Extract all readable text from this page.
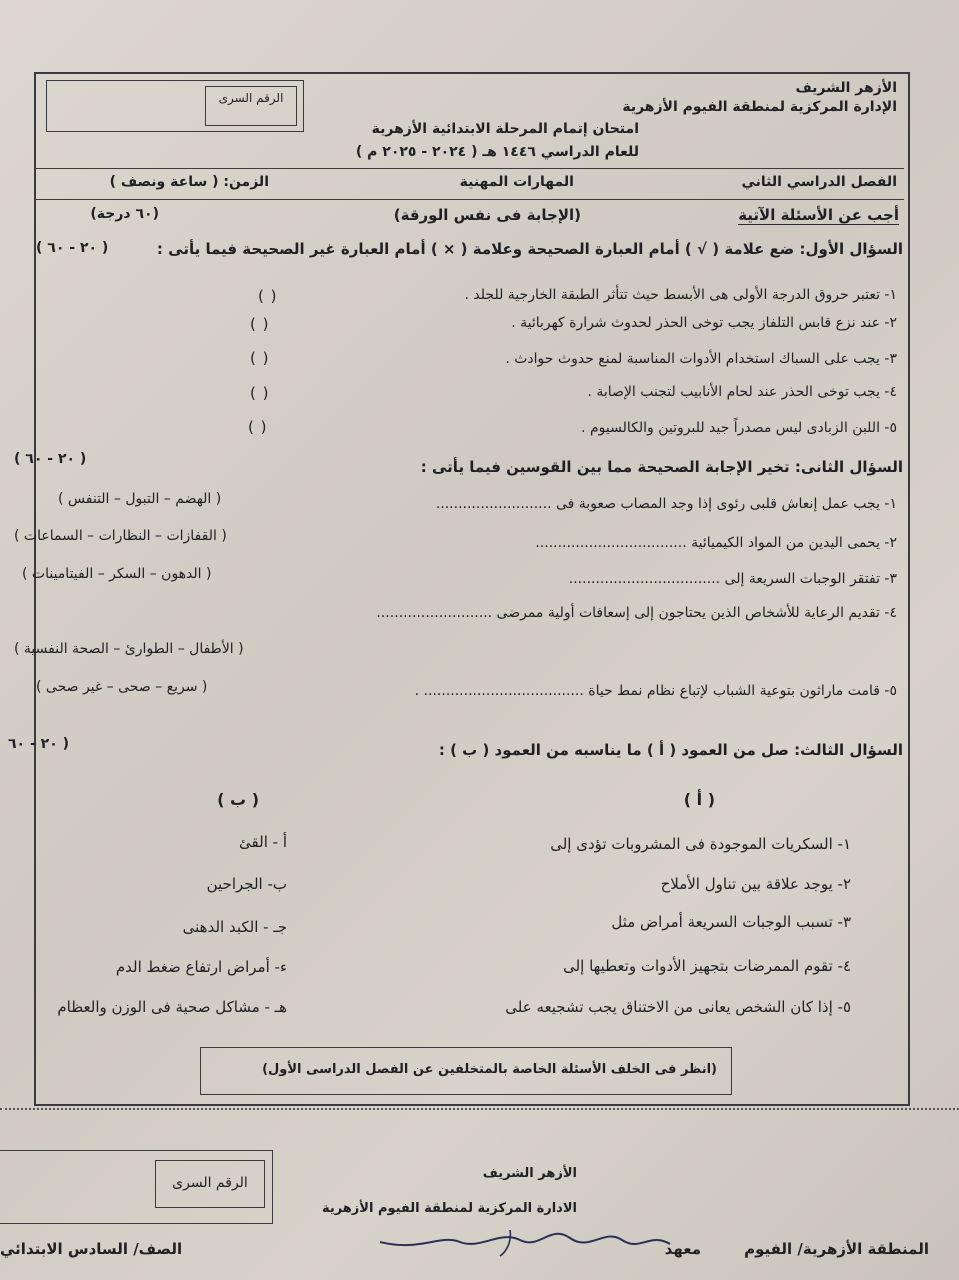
الأزهر الشريف
الإدارة المركزية لمنطقة الفيوم الأزهرية
امتحان إتمام المرحلة الابتدائية الأزهرية
للعام الدراسي ١٤٤٦ هـ ( ٢٠٢٤ - ٢٠٢٥ م )
الرقم السرى
الفصل الدراسي الثاني
المهارات المهنية
الزمن: ( ساعة ونصف )
أجب عن الأسئلة الآتية
(الإجابة فى نفس الورقة)
(٦٠ درجة)
السؤال الأول: ضع علامة ( √ ) أمام العبارة الصحيحة وعلامة ( × ) أمام العبارة غير الصحيحة فيما يأتى :
( ٢٠ - ٦٠ )
١- تعتبر حروق الدرجة الأولى هى الأبسط حيث تتأثر الطبقة الخارجية للجلد .
( )
٢- عند نزع قابس التلفاز يجب توخى الحذر لحدوث شرارة كهربائية .
( )
٣- يجب على السباك استخدام الأدوات المناسبة لمنع حدوث حوادث .
( )
٤- يجب توخى الحذر عند لحام الأنابيب لتجنب الإصابة .
( )
٥- اللبن الزبادى ليس مصدراً جيد للبروتين والكالسيوم .
( )
السؤال الثانى: تخير الإجابة الصحيحة مما بين القوسين فيما يأتى :
( ٢٠ - ٦٠ )
١- يجب عمل إنعاش قلبى رئوى إذا وجد المصاب صعوبة فى ..........................
( الهضم – التبول – التنفس )
٢- يحمى اليدين من المواد الكيميائية ..................................
( القفازات – النظارات – السماعات )
٣- تفتقر الوجبات السريعة إلى ..................................
( الدهون – السكر – الفيتامينات )
٤- تقديم الرعاية للأشخاص الذين يحتاجون إلى إسعافات أولية ممرضى ..........................
( الأطفال – الطوارئ – الصحة النفسية )
٥- قامت ماراثون بتوعية الشباب لإتباع نظام نمط حياة .................................... .
( سريع – صحى – غير صحى )
السؤال الثالث: صل من العمود ( أ ) ما يناسبه من العمود ( ب ) :
( ٢٠ - ٦٠
( أ )
( ب )
١- السكريات الموجودة فى المشروبات تؤدى إلى
٢- يوجد علاقة بين تناول الأملاح
٣- تسبب الوجبات السريعة أمراض مثل
٤- تقوم الممرضات بتجهيز الأدوات وتعطيها إلى
٥- إذا كان الشخص يعانى من الاختناق يجب تشجيعه على
أ - القئ
ب- الجراحين
جـ - الكبد الدهنى
ء- أمراض ارتفاع ضغط الدم
هـ - مشاكل صحية فى الوزن والعظام
(انظر فى الخلف الأسئلة الخاصة بالمتخلفين عن الفصل الدراسى الأول)
الأزهر الشريف
الادارة المركزية لمنطقة الفيوم الأزهرية
الرقم السرى
المنطقة الأزهرية/ الفيوم
معهد
الصف/ السادس الابتدائي
